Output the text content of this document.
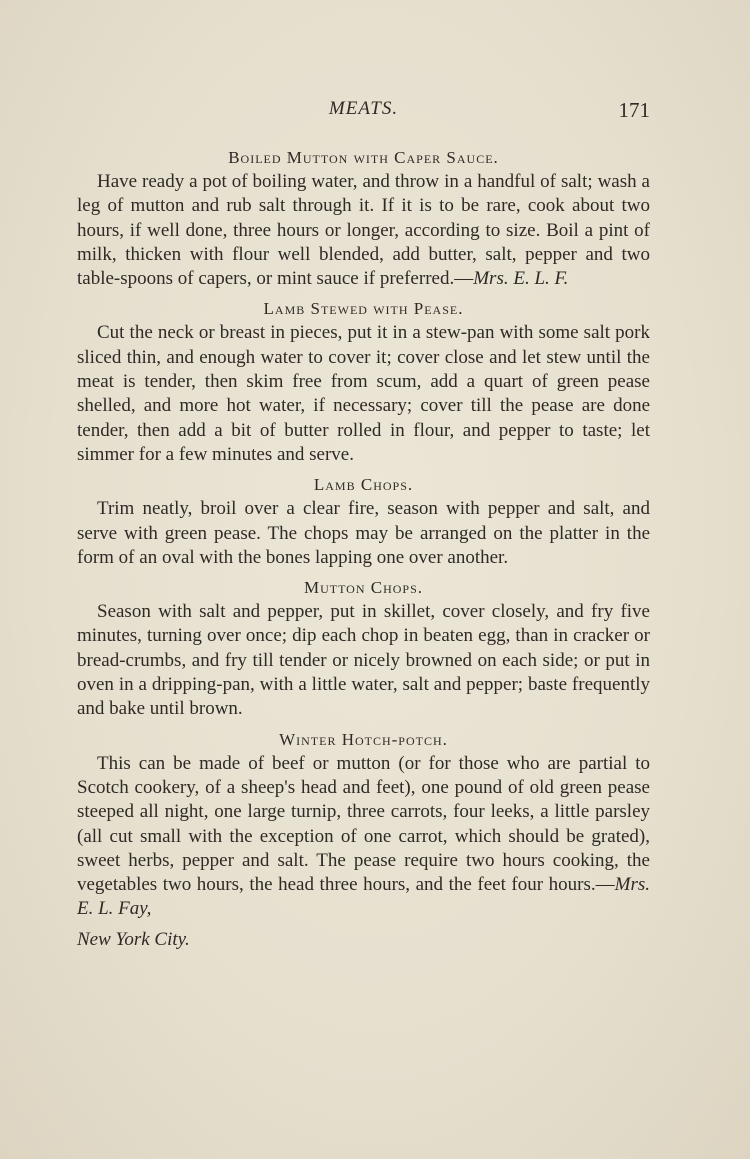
MEATS.	171
Boiled Mutton with Caper Sauce.

Have ready a pot of boiling water, and throw in a handful of salt; wash a leg of mutton and rub salt through it. If it is to be rare, cook about two hours, if well done, three hours or longer, according to size. Boil a pint of milk, thicken with flour well blended, add butter, salt, pepper and two table-spoons of capers, or mint sauce if preferred.—Mrs. E. L. F.

Lamb Stewed with Pease.

Cut the neck or breast in pieces, put it in a stew-pan with some salt pork sliced thin, and enough water to cover it; cover close and let stew until the meat is tender, then skim free from scum, add a quart of green pease shelled, and more hot water, if necessary; cover till the pease are done tender, then add a bit of butter rolled in flour, and pepper to taste; let simmer for a few minutes and serve.

Lamb Chops.

Trim neatly, broil over a clear fire, season with pepper and salt, and serve with green pease. The chops may be arranged on the platter in the form of an oval with the bones lapping one over another.

Mutton Chops.

Season with salt and pepper, put in skillet, cover closely, and fry five minutes, turning over once; dip each chop in beaten egg, than in cracker or bread-crumbs, and fry till tender or nicely browned on each side; or put in oven in a dripping-pan, with a little water, salt and pepper; baste frequently and bake until brown.

Winter Hotch-potch.

This can be made of beef or mutton (or for those who are partial to Scotch cookery, of a sheep's head and feet), one pound of old green pease steeped all night, one large turnip, three carrots, four leeks, a little parsley (all cut small with the exception of one carrot, which should be grated), sweet herbs, pepper and salt. The pease require two hours cooking, the vegetables two hours, the head three hours, and the feet four hours.—Mrs. E. L. Fay,

New York City.
